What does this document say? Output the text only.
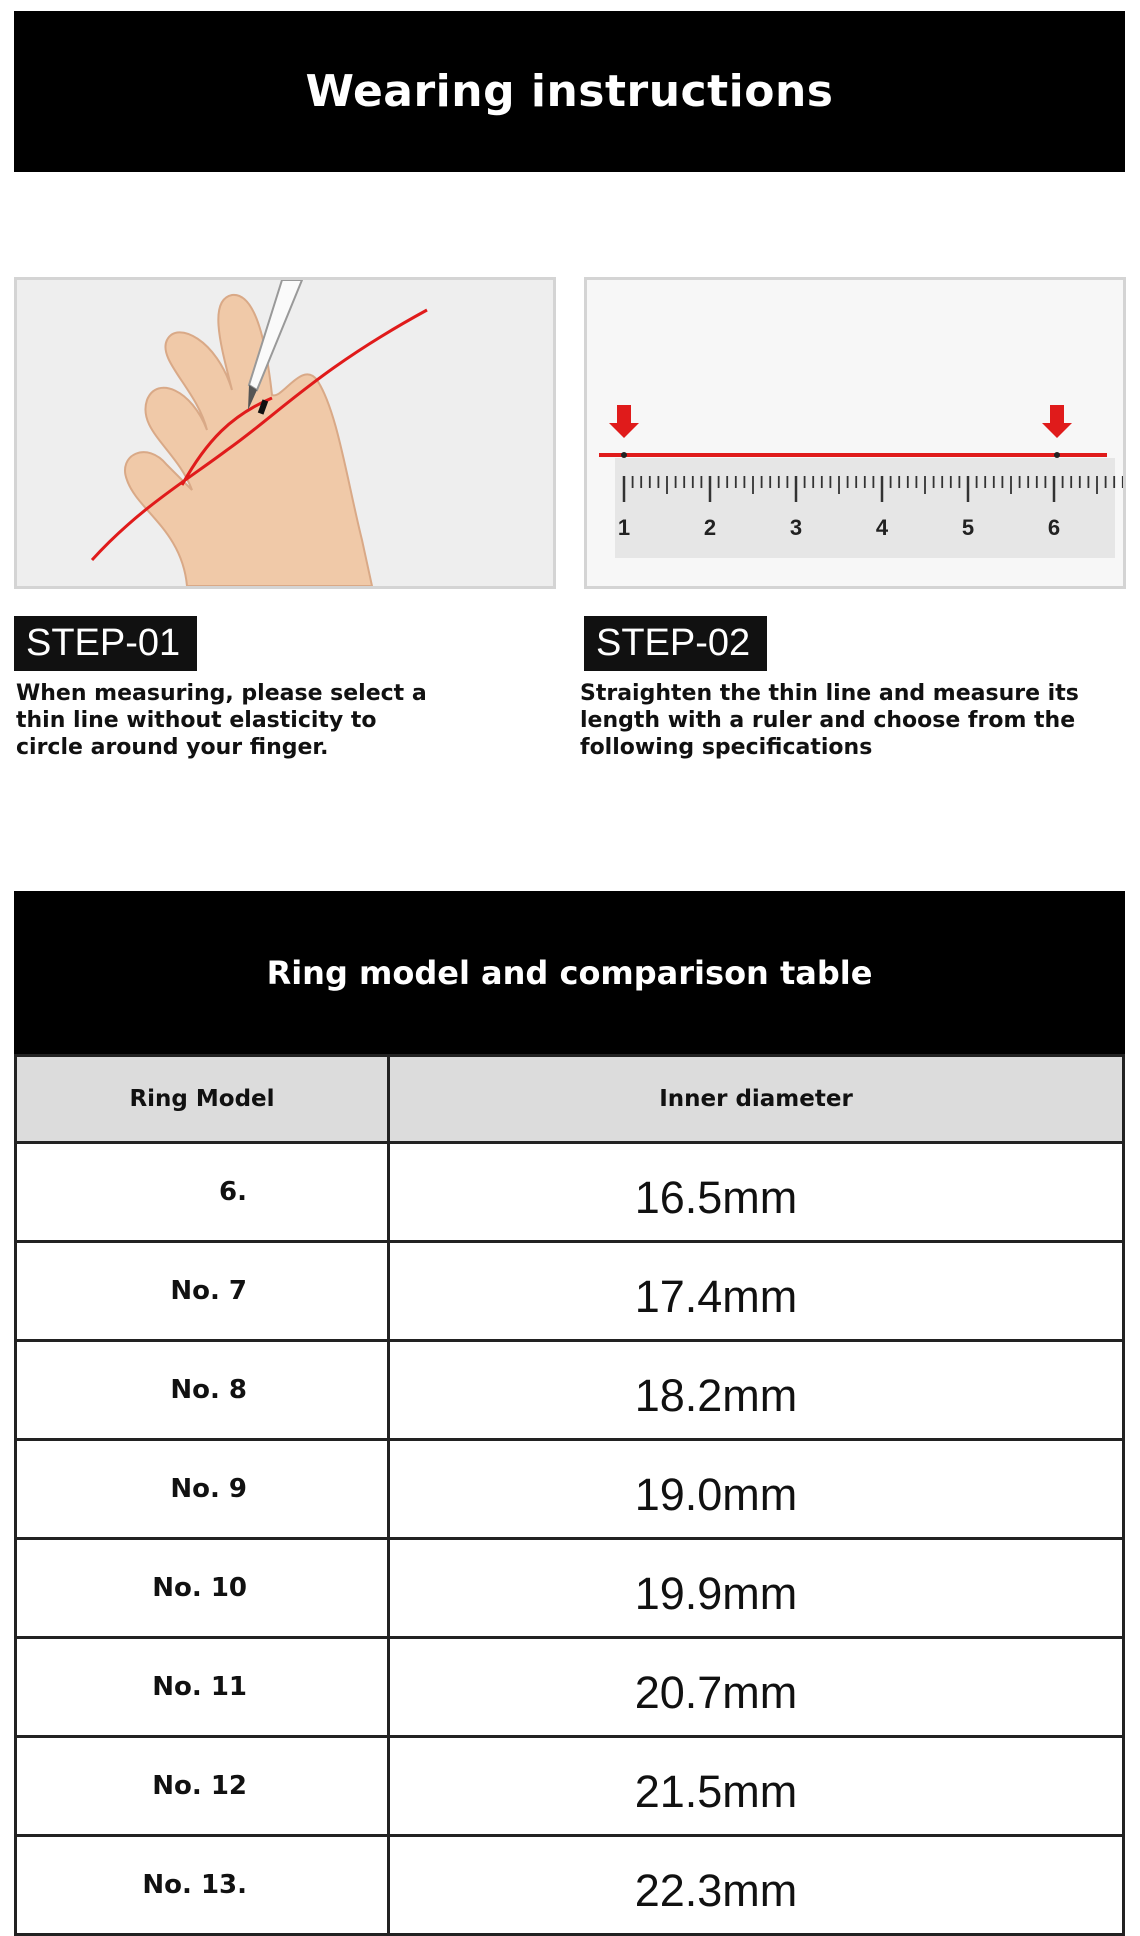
Wearing instructions
1	2	3	4	5	6
STEP-01	STEP-02
When measuring, please select a thin line without elasticity to circle around your finger.
Straighten the thin line and measure its length with a ruler and choose from the following specifications
Ring model and comparison table
Ring Model	Inner diameter
6.	16.5mm
No. 7	17.4mm
No. 8	18.2mm
No. 9	19.0mm
No. 10	19.9mm
No. 11	20.7mm
No. 12	21.5mm
No. 13.	22.3mm
